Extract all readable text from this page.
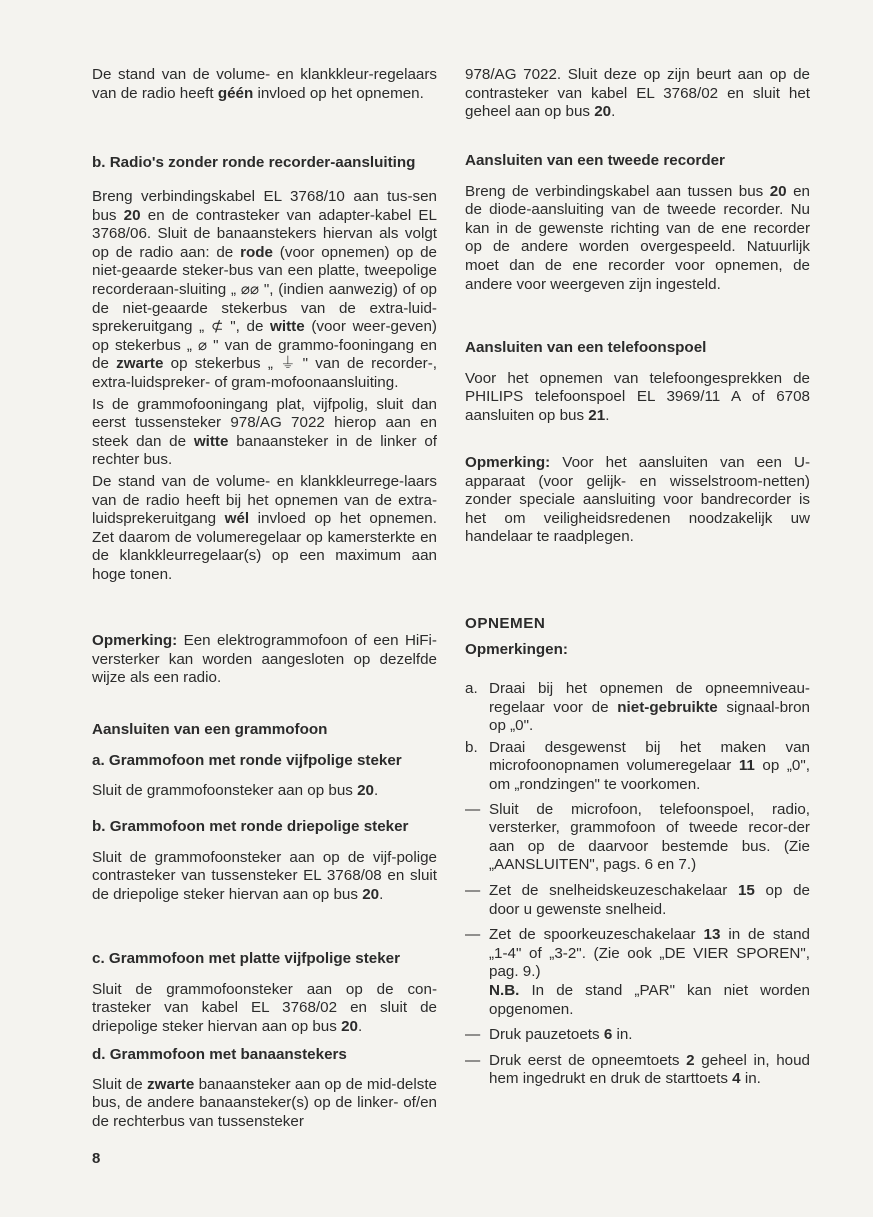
De stand van de volume- en klankkleur-regelaars van de radio heeft géén invloed op het opnemen.

b. Radio's zonder ronde recorder-aansluiting

Breng verbindingskabel EL 3768/10 aan tus-sen bus 20 en de contrasteker van adapter-kabel EL 3768/06. Sluit de banaanstekers hiervan als volgt op de radio aan: de rode (voor opnemen) op de niet-geaarde steker-bus van een platte, tweepolige recorderaan-sluiting „ ⌀⌀ ", (indien aanwezig) of op de niet-geaarde stekerbus van de extra-luid-sprekeruitgang „ ⊄ ", de witte (voor weer-geven) op stekerbus „ ⌀ " van de grammo-fooningang en de zwarte op stekerbus „ ⏚ " van de recorder-, extra-luidspreker- of gram-mofoonaansluiting.

Is de grammofooningang plat, vijfpolig, sluit dan eerst tussensteker 978/AG 7022 hierop aan en steek dan de witte banaansteker in de linker of rechter bus.

De stand van de volume- en klankkleurrege-laars van de radio heeft bij het opnemen van de extra-luidsprekeruitgang wél invloed op het opnemen. Zet daarom de volumeregelaar op kamersterkte en de klankkleurregelaar(s) op een maximum aan hoge tonen.

Opmerking: Een elektrogrammofoon of een HiFi-versterker kan worden aangesloten op dezelfde wijze als een radio.

Aansluiten van een grammofoon
a. Grammofoon met ronde vijfpolige steker

Sluit de grammofoonsteker aan op bus 20.

b. Grammofoon met ronde driepolige steker

Sluit de grammofoonsteker aan op de vijf-polige contrasteker van tussensteker EL 3768/08 en sluit de driepolige steker hiervan aan op bus 20.

c. Grammofoon met platte vijfpolige steker

Sluit de grammofoonsteker aan op de con-trasteker van kabel EL 3768/02 en sluit de driepolige steker hiervan aan op bus 20.

d. Grammofoon met banaanstekers

Sluit de zwarte banaansteker aan op de mid-delste bus, de andere banaansteker(s) op de linker- of/en de rechterbus van tussensteker

978/AG 7022. Sluit deze op zijn beurt aan op de contrasteker van kabel EL 3768/02 en sluit het geheel aan op bus 20.

Aansluiten van een tweede recorder

Breng de verbindingskabel aan tussen bus 20 en de diode-aansluiting van de tweede recorder. Nu kan in de gewenste richting van de ene recorder op de andere worden overgespeeld. Natuurlijk moet dan de ene recorder voor opnemen, de andere voor weergeven zijn ingesteld.

Aansluiten van een telefoonspoel

Voor het opnemen van telefoongesprekken de PHILIPS telefoonspoel EL 3969/11 A of 6708 aansluiten op bus 21.

Opmerking: Voor het aansluiten van een U-apparaat (voor gelijk- en wisselstroom-netten) zonder speciale aansluiting voor bandrecorder is het om veiligheidsredenen noodzakelijk uw handelaar te raadplegen.

OPNEMEN
Opmerkingen:
a. Draai bij het opnemen de opneemniveau-regelaar voor de niet-gebruikte signaal-bron op „0".
b. Draai desgewenst bij het maken van microfoonopnamen volumeregelaar 11 op „0", om „rondzingen" te voorkomen.
— Sluit de microfoon, telefoonspoel, radio, versterker, grammofoon of tweede recor-der aan op de daarvoor bestemde bus. (Zie „AANSLUITEN", pags. 6 en 7.)
— Zet de snelheidskeuzeschakelaar 15 op de door u gewenste snelheid.
— Zet de spoorkeuzeschakelaar 13 in de stand „1-4" of „3-2". (Zie ook „DE VIER SPOREN", pag. 9.)
N.B. In de stand „PAR" kan niet worden opgenomen.
— Druk pauzetoets 6 in.
— Druk eerst de opneemtoets 2 geheel in, houd hem ingedrukt en druk de starttoets 4 in.
8
